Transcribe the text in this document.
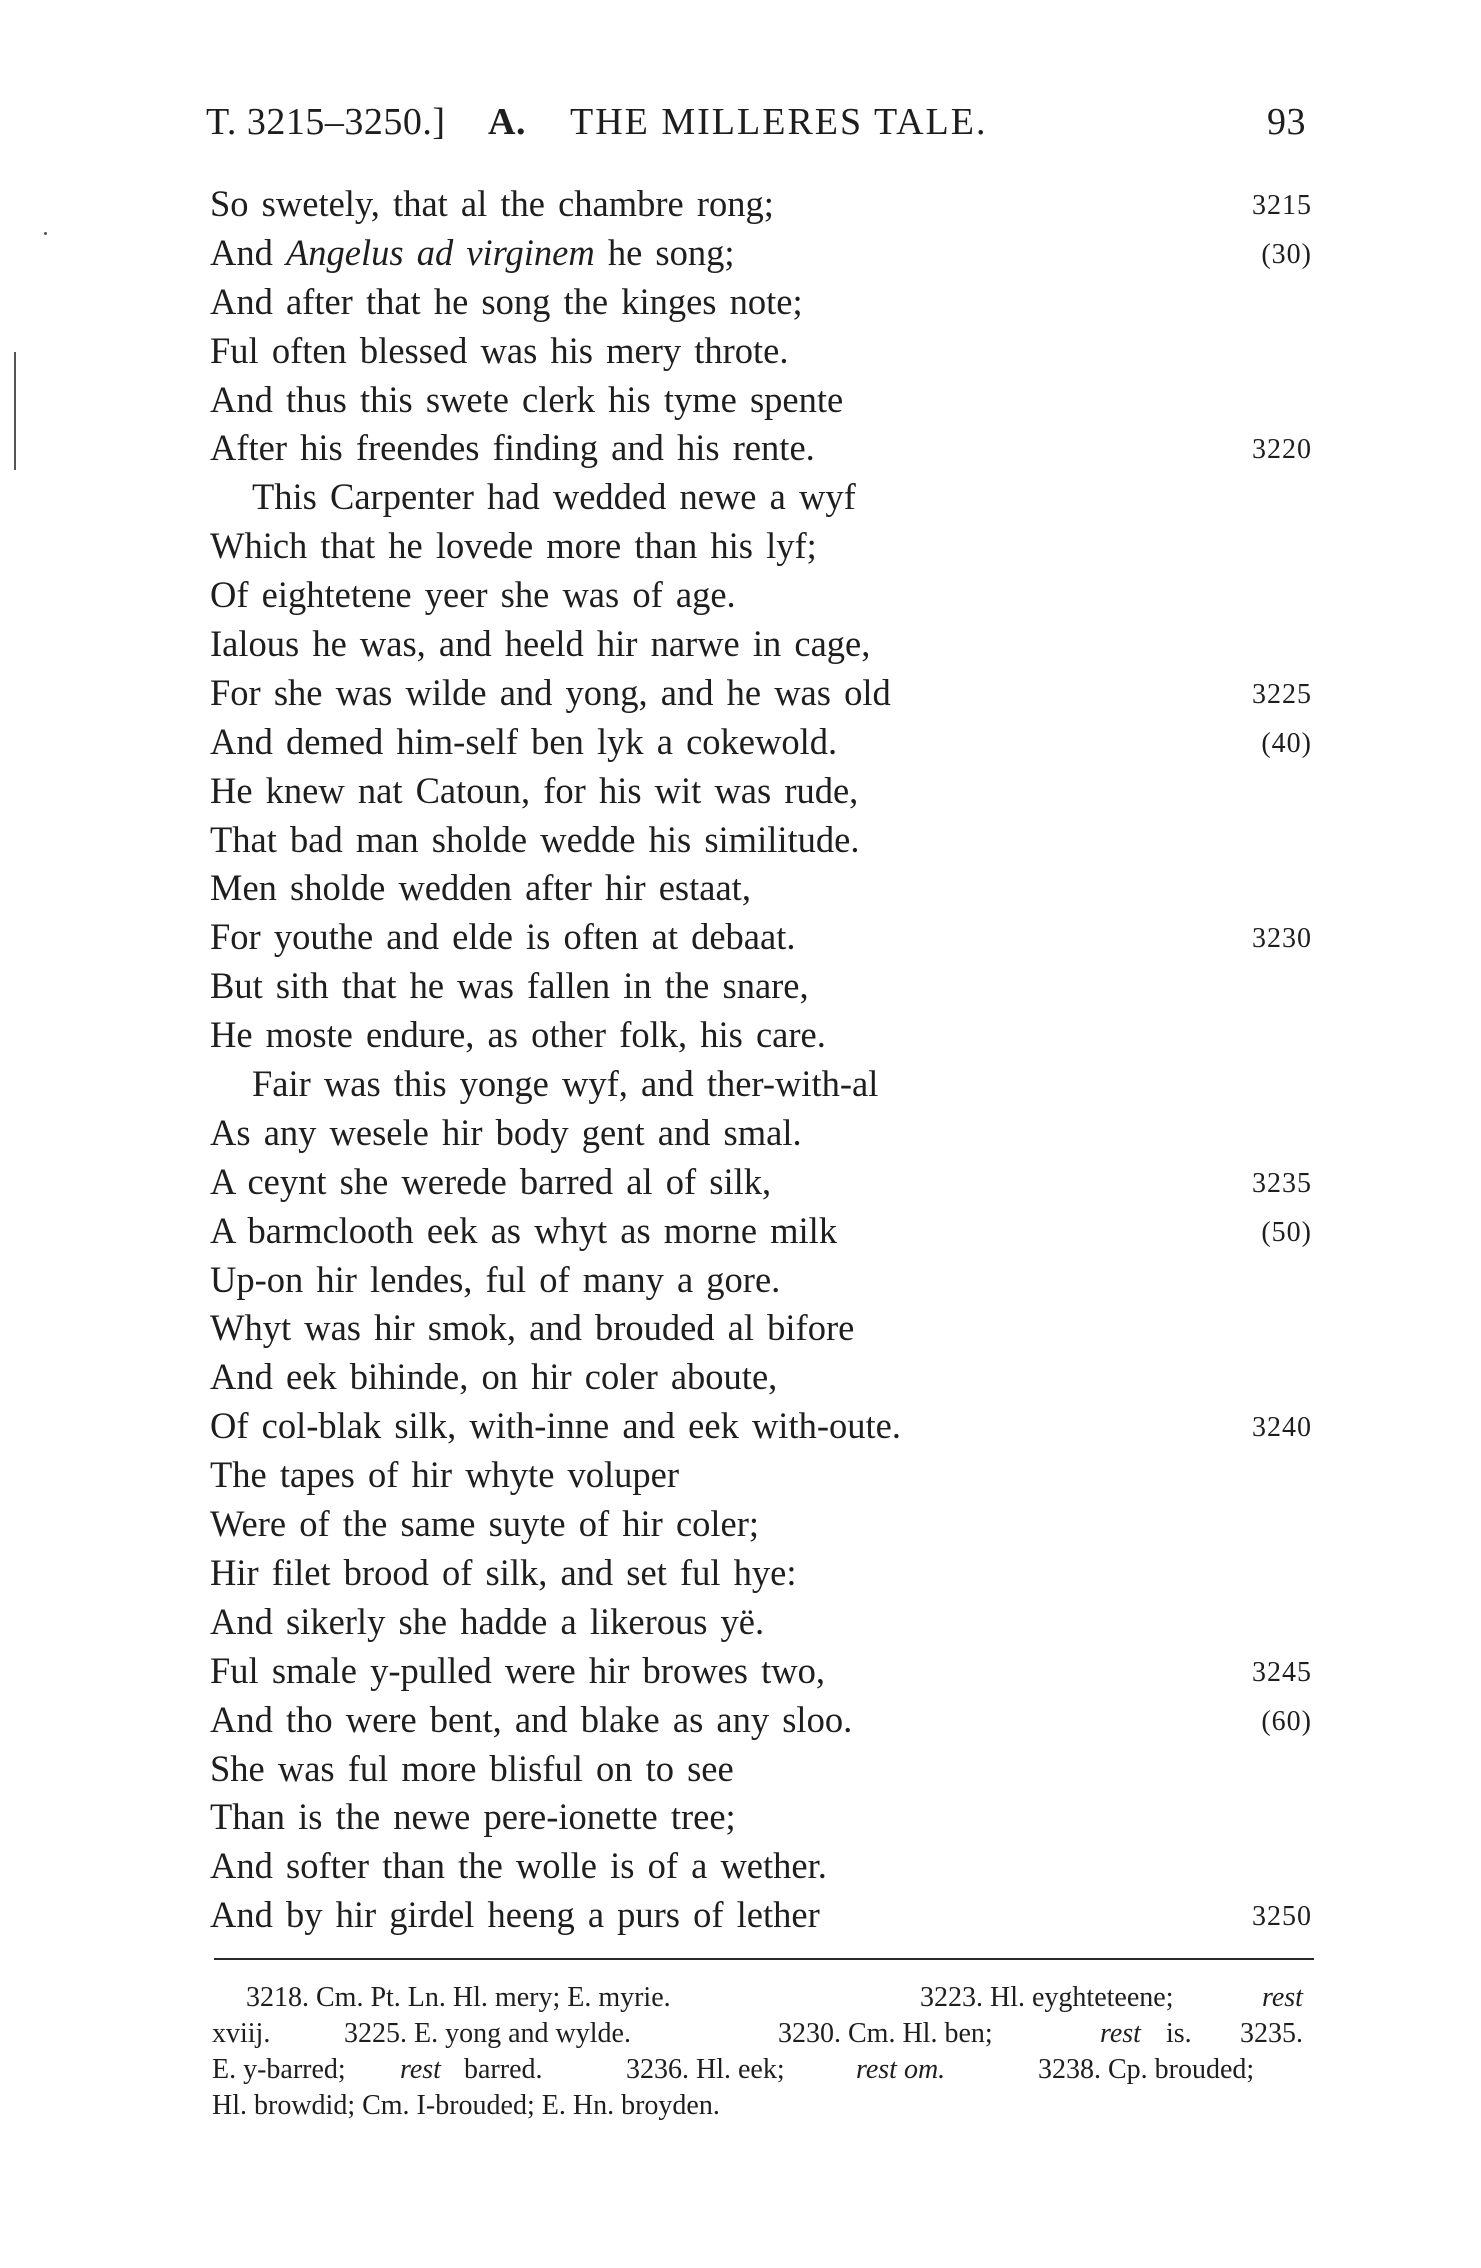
T. 3215–3250.] A. THE MILLERES TALE.	93
So swetely, that al the chambre rong;	3215
And Angelus ad virginem he song;	(30)
And after that he song the kinges note;
Ful often blessed was his mery throte.
And thus this swete clerk his tyme spente
After his freendes finding and his rente.	3220
This Carpenter had wedded newe a wyf
Which that he lovede more than his lyf;
Of eightetene yeer she was of age.
Ialous he was, and heeld hir narwe in cage,
For she was wilde and yong, and he was old	3225
And demed him-self ben lyk a cokewold.	(40)
He knew nat Catoun, for his wit was rude,
That bad man sholde wedde his similitude.
Men sholde wedden after hir estaat,
For youthe and elde is often at debaat.	3230
But sith that he was fallen in the snare,
He moste endure, as other folk, his care.
Fair was this yonge wyf, and ther-with-al
As any wesele hir body gent and smal.
A ceynt she werede barred al of silk,	3235
A barmclooth eek as whyt as morne milk	(50)
Up-on hir lendes, ful of many a gore.
Whyt was hir smok, and brouded al bifore
And eek bihinde, on hir coler aboute,
Of col-blak silk, with-inne and eek with-oute.	3240
The tapes of hir whyte voluper
Were of the same suyte of hir coler;
Hir filet brood of silk, and set ful hye:
And sikerly she hadde a likerous yë.
Ful smale y-pulled were hir browes two,	3245
And tho were bent, and blake as any sloo.	(60)
She was ful more blisful on to see
Than is the newe pere-ionette tree;
And softer than the wolle is of a wether.
And by hir girdel heeng a purs of lether	3250
3218. Cm. Pt. Ln. Hl. mery; E. myrie.	3223. Hl. eyghteteene;	rest
xviij.	3225. E. yong and wylde.	3230. Cm. Hl. ben;	rest is. 3235.
E. y-barred; rest barred.	3236. Hl. eek;	rest om.	3238. Cp. brouded;
Hl. browdid; Cm. I-brouded; E. Hn. broyden.
